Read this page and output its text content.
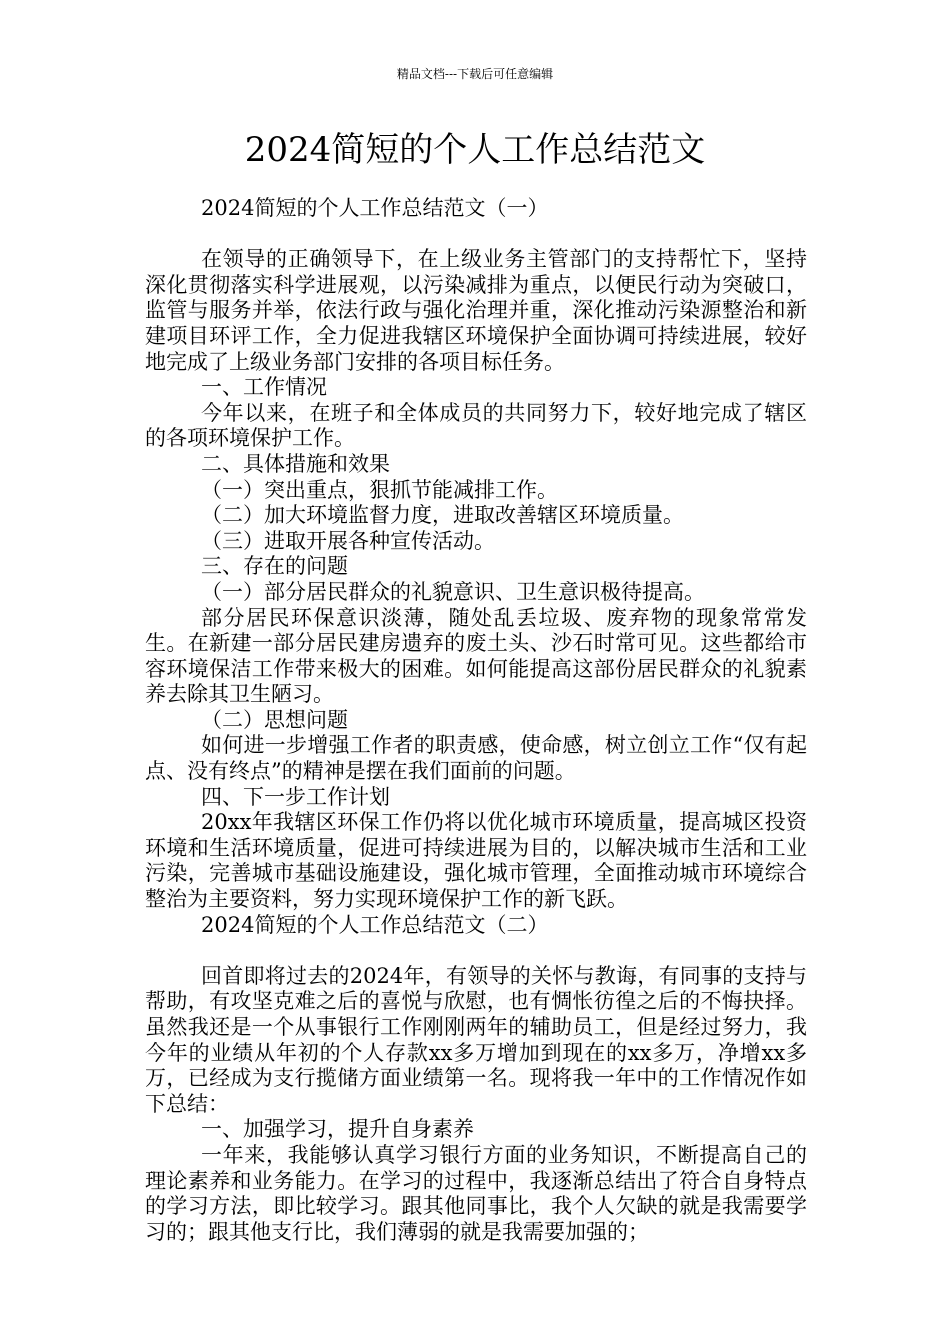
精品文档---下载后可任意编辑
2024简短的个人工作总结范文

2024简短的个人工作总结范文（一）

在领导的正确领导下，在上级业务主管部门的支持帮忙下，坚持深化贯彻落实科学进展观，以污染减排为重点，以便民行动为突破口，监管与服务并举，依法行政与强化治理并重，深化推动污染源整治和新建项目环评工作，全力促进我辖区环境保护全面协调可持续进展，较好地完成了上级业务部门安排的各项目标任务。

一、工作情况

今年以来，在班子和全体成员的共同努力下，较好地完成了辖区的各项环境保护工作。

二、具体措施和效果

（一）突出重点，狠抓节能减排工作。

（二）加大环境监督力度，进取改善辖区环境质量。

（三）进取开展各种宣传活动。

三、存在的问题

（一）部分居民群众的礼貌意识、卫生意识极待提高。

部分居民环保意识淡薄，随处乱丢垃圾、废弃物的现象常常发生。在新建一部分居民建房遗弃的废土头、沙石时常可见。这些都给市容环境保洁工作带来极大的困难。如何能提高这部份居民群众的礼貌素养去除其卫生陋习。

（二）思想问题

如何进一步增强工作者的职责感，使命感，树立创立工作“仅有起点、没有终点”的精神是摆在我们面前的问题。

四、下一步工作计划

20xx年我辖区环保工作仍将以优化城市环境质量，提高城区投资环境和生活环境质量，促进可持续进展为目的，以解决城市生活和工业污染，完善城市基础设施建设，强化城市管理，全面推动城市环境综合整治为主要资料，努力实现环境保护工作的新飞跃。

2024简短的个人工作总结范文（二）

回首即将过去的2024年，有领导的关怀与教诲，有同事的支持与帮助，有攻坚克难之后的喜悦与欣慰，也有惆怅彷徨之后的不悔抉择。虽然我还是一个从事银行工作刚刚两年的辅助员工，但是经过努力，我今年的业绩从年初的个人存款xx多万增加到现在的xx多万，净增xx多万，已经成为支行揽储方面业绩第一名。现将我一年中的工作情况作如下总结：

一、加强学习，提升自身素养

一年来，我能够认真学习银行方面的业务知识，不断提高自己的理论素养和业务能力。在学习的过程中，我逐渐总结出了符合自身特点的学习方法，即比较学习。跟其他同事比，我个人欠缺的就是我需要学习的；跟其他支行比，我们薄弱的就是我需要加强的；
